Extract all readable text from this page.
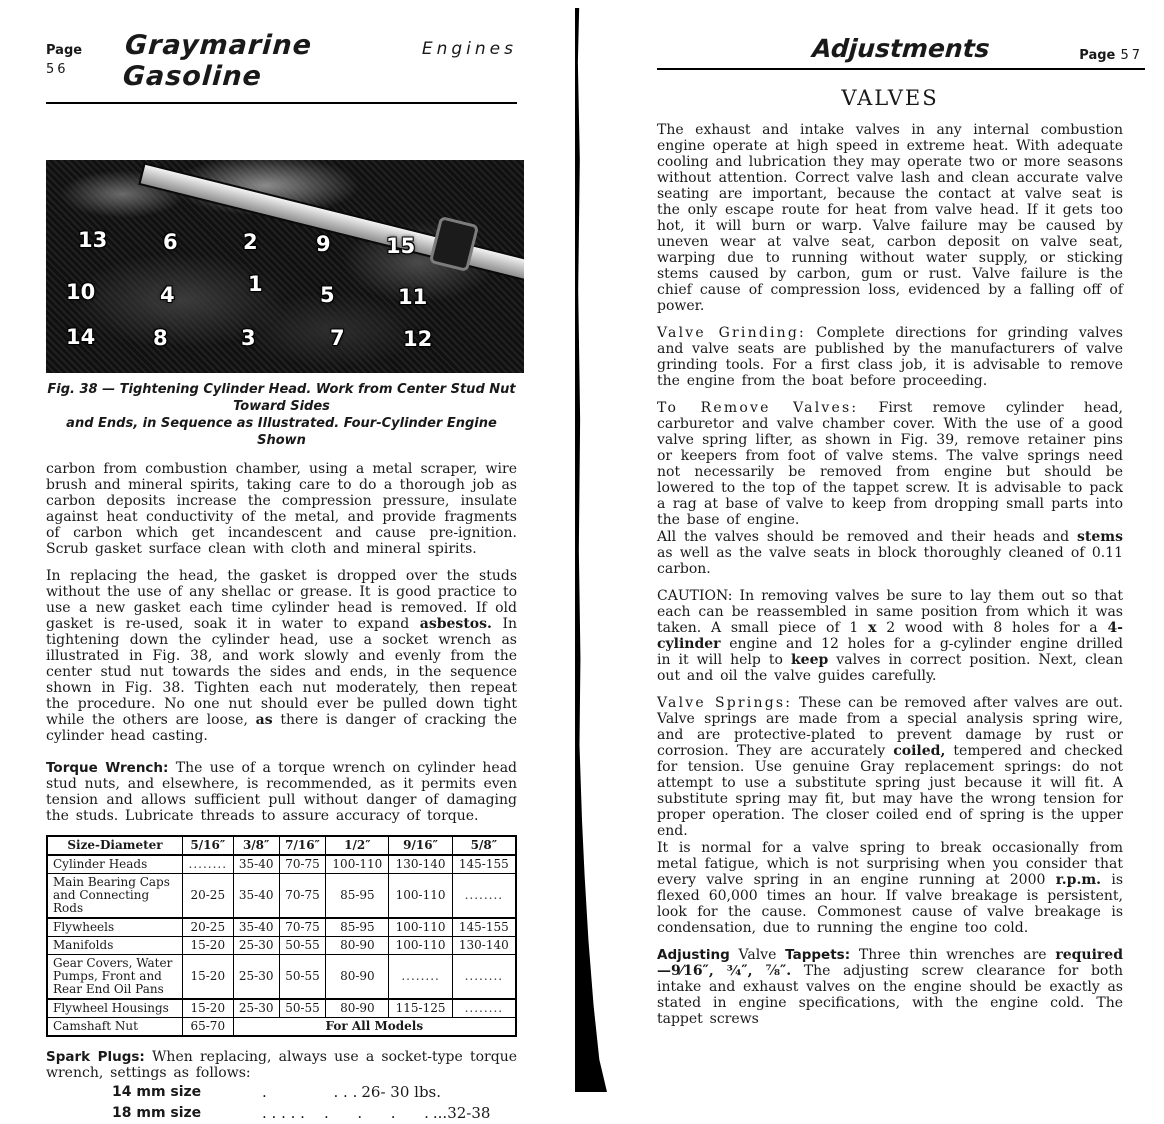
Page 56
Graymarine Gasoline
Engines
13	6	2	9	15
10	4	1	5	11
14	8	3	7	12
Fig. 38 — Tightening Cylinder Head. Work from Center Stud Nut Toward Sides
and Ends, in Sequence as Illustrated. Four-Cylinder Engine Shown

carbon from combustion chamber, using a metal scraper, wire brush and mineral spirits, taking care to do a thorough job as carbon deposits increase the compression pressure, insulate against heat conductivity of the metal, and provide fragments of carbon which get incandescent and cause pre-ignition. Scrub gasket surface clean with cloth and mineral spirits.

In replacing the head, the gasket is dropped over the studs without the use of any shellac or grease. It is good practice to use a new gasket each time cylinder head is removed. If old gasket is re-used, soak it in water to expand asbestos. In tightening down the cylinder head, use a socket wrench as illustrated in Fig. 38, and work slowly and evenly from the center stud nut towards the sides and ends, in the sequence shown in Fig. 38. Tighten each nut moderately, then repeat the procedure. No one nut should ever be pulled down tight while the others are loose, as there is danger of cracking the cylinder head casting.

Torque Wrench: The use of a torque wrench on cylinder head stud nuts, and elsewhere, is recommended, as it permits even tension and allows sufficient pull without danger of damaging the studs. Lubricate threads to assure accuracy of torque.

Size-Diameter	5/16″	3/8″	7/16″	1/2″	9/16″	5/8″
Cylinder Heads	........	35-40	70-75	100-110	130-140	145-155
Main Bearing Caps and Connecting Rods	20-25	35-40	70-75	85-95	100-110	........
Flywheels	20-25	35-40	70-75	85-95	100-110	145-155
Manifolds	15-20	25-30	50-55	80-90	100-110	130-140
Gear Covers, Water Pumps, Front and Rear End Oil Pans	15-20	25-30	50-55	80-90	........	........
Flywheel Housings	15-20	25-30	50-55	80-90	115-125	........
Camshaft Nut	65-70	For All Models				

Spark Plugs: When replacing, always use a socket-type torque wrench, settings as follows:

14 mm size	.              . . . 26- 30 lbs.
18 mm size	. . . . .    .      .      .      . ...32-38
Adjustments	Page 57
VALVES

The exhaust and intake valves in any internal combustion engine operate at high speed in extreme heat. With adequate cooling and lubrication they may operate two or more seasons without attention. Correct valve lash and clean accurate valve seating are important, because the contact at valve seat is the only escape route for heat from valve head. If it gets too hot, it will burn or warp. Valve failure may be caused by uneven wear at valve seat, carbon deposit on valve seat, warping due to running without water supply, or sticking stems caused by carbon, gum or rust. Valve failure is the chief cause of compression loss, evidenced by a falling off of power.

Valve Grinding: Complete directions for grinding valves and valve seats are published by the manufacturers of valve grinding tools. For a first class job, it is advisable to remove the engine from the boat before proceeding.

To Remove Valves: First remove cylinder head, carburetor and valve chamber cover. With the use of a good valve spring lifter, as shown in Fig. 39, remove retainer pins or keepers from foot of valve stems. The valve springs need not necessarily be removed from engine but should be lowered to the top of the tappet screw. It is advisable to pack a rag at base of valve to keep from dropping small parts into the base of engine.

All the valves should be removed and their heads and stems as well as the valve seats in block thoroughly cleaned of 0.11 carbon.

CAUTION: In removing valves be sure to lay them out so that each can be reassembled in same position from which it was taken. A small piece of 1 x 2 wood with 8 holes for a 4-cylinder engine and 12 holes for a g-cylinder engine drilled in it will help to keep valves in correct position. Next, clean out and oil the valve guides carefully.

Valve Springs: These can be removed after valves are out. Valve springs are made from a special analysis spring wire, and are protective-plated to prevent damage by rust or corrosion. They are accurately coiled, tempered and checked for tension. Use genuine Gray replacement springs: do not attempt to use a substitute spring just because it will fit. A substitute spring may fit, but may have the wrong tension for proper operation. The closer coiled end of spring is the upper end.

It is normal for a valve spring to break occasionally from metal fatigue, which is not surprising when you consider that every valve spring in an engine running at 2000 r.p.m. is flexed 60,000 times an hour. If valve breakage is persistent, look for the cause. Commonest cause of valve breakage is condensation, due to running the engine too cold.

Adjusting Valve Tappets: Three thin wrenches are required—9⁄16″, ¾″, ⅞″. The adjusting screw clearance for both intake and exhaust valves on the engine should be exactly as stated in engine specifications, with the engine cold. The tappet screws
